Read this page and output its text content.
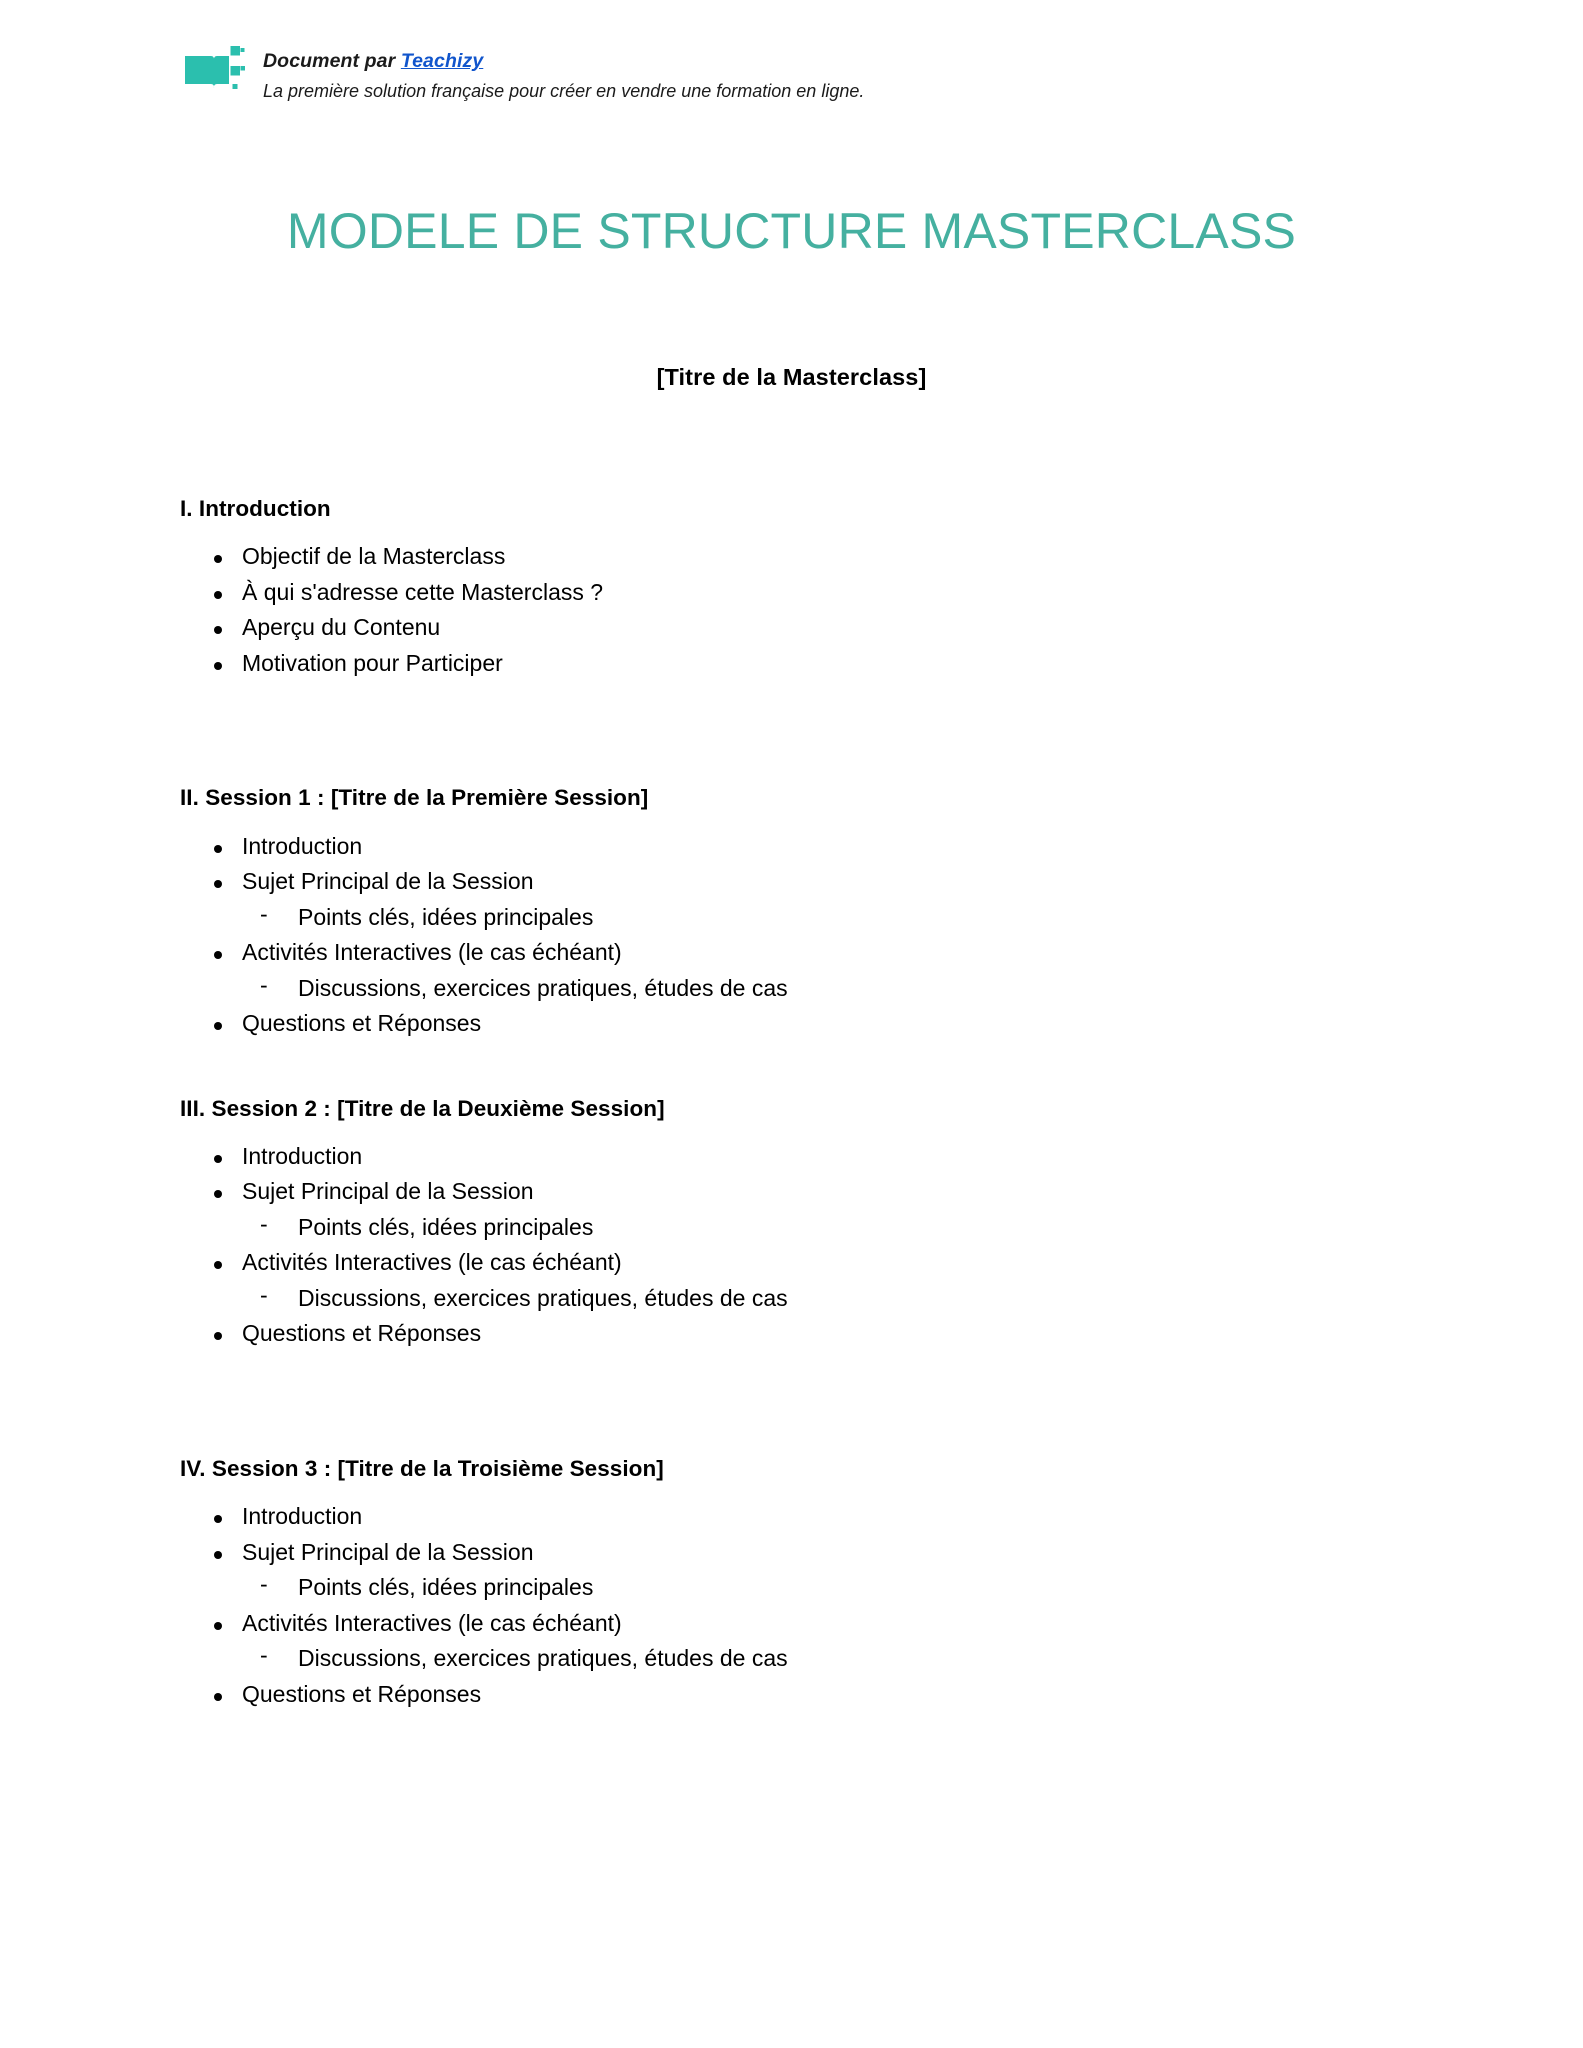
Document par Teachizy
La première solution française pour créer en vendre une formation en ligne.
MODELE DE STRUCTURE MASTERCLASS
[Titre de la Masterclass]
I. Introduction
Objectif de la Masterclass
À qui s'adresse cette Masterclass ?
Aperçu du Contenu
Motivation pour Participer
II. Session 1 : [Titre de la Première Session]
Introduction
Sujet Principal de la Session
- Points clés, idées principales
Activités Interactives (le cas échéant)
- Discussions, exercices pratiques, études de cas
Questions et Réponses
III. Session 2 : [Titre de la Deuxième Session]
Introduction
Sujet Principal de la Session
- Points clés, idées principales
Activités Interactives (le cas échéant)
- Discussions, exercices pratiques, études de cas
Questions et Réponses
IV. Session 3 : [Titre de la Troisième Session]
Introduction
Sujet Principal de la Session
- Points clés, idées principales
Activités Interactives (le cas échéant)
- Discussions, exercices pratiques, études de cas
Questions et Réponses
